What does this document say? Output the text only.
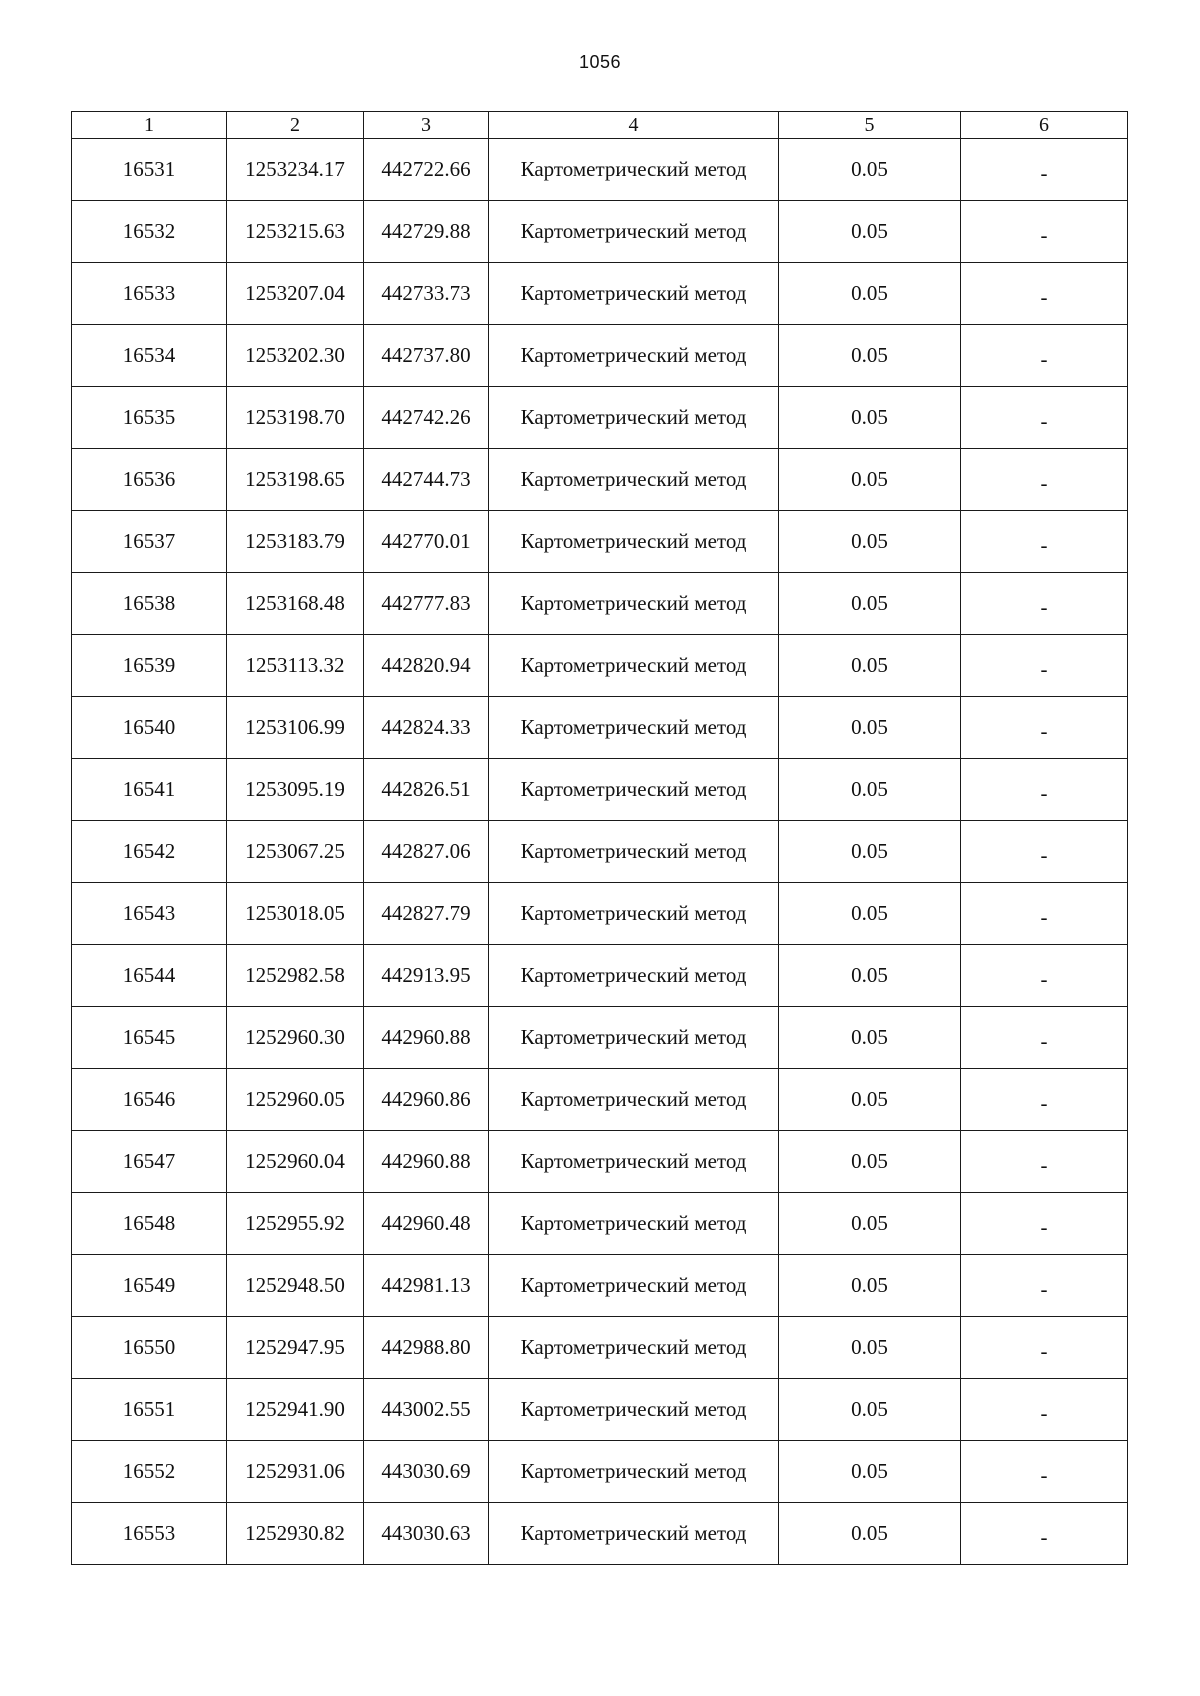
1056
1	2	3	4	5	6
16531	1253234.17	442722.66	Картометрический метод	0.05	-
16532	1253215.63	442729.88	Картометрический метод	0.05	-
16533	1253207.04	442733.73	Картометрический метод	0.05	-
16534	1253202.30	442737.80	Картометрический метод	0.05	-
16535	1253198.70	442742.26	Картометрический метод	0.05	-
16536	1253198.65	442744.73	Картометрический метод	0.05	-
16537	1253183.79	442770.01	Картометрический метод	0.05	-
16538	1253168.48	442777.83	Картометрический метод	0.05	-
16539	1253113.32	442820.94	Картометрический метод	0.05	-
16540	1253106.99	442824.33	Картометрический метод	0.05	-
16541	1253095.19	442826.51	Картометрический метод	0.05	-
16542	1253067.25	442827.06	Картометрический метод	0.05	-
16543	1253018.05	442827.79	Картометрический метод	0.05	-
16544	1252982.58	442913.95	Картометрический метод	0.05	-
16545	1252960.30	442960.88	Картометрический метод	0.05	-
16546	1252960.05	442960.86	Картометрический метод	0.05	-
16547	1252960.04	442960.88	Картометрический метод	0.05	-
16548	1252955.92	442960.48	Картометрический метод	0.05	-
16549	1252948.50	442981.13	Картометрический метод	0.05	-
16550	1252947.95	442988.80	Картометрический метод	0.05	-
16551	1252941.90	443002.55	Картометрический метод	0.05	-
16552	1252931.06	443030.69	Картометрический метод	0.05	-
16553	1252930.82	443030.63	Картометрический метод	0.05	-
